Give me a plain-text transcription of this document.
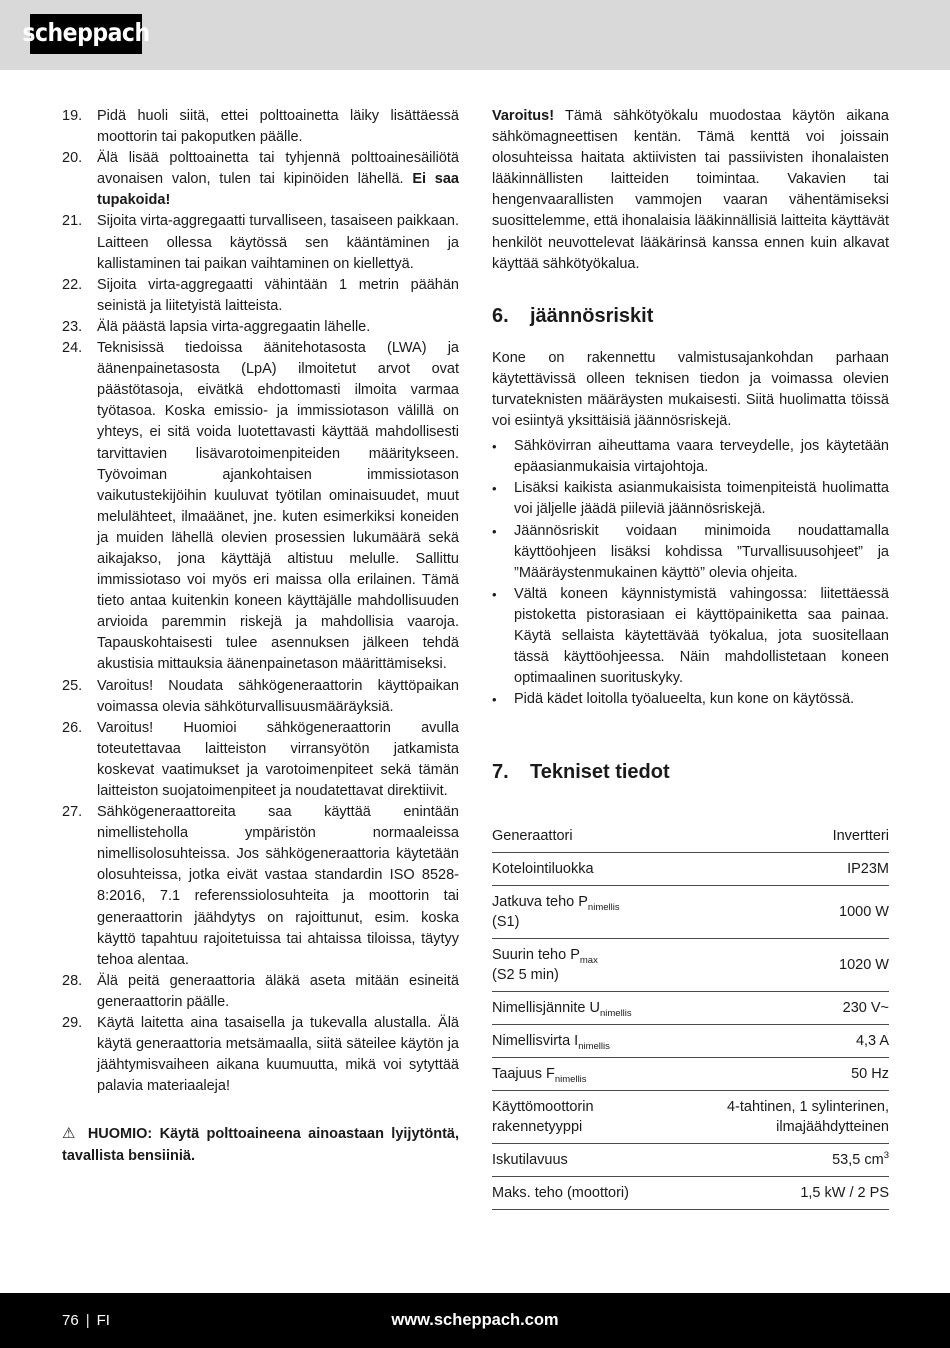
scheppach
19.	Pidä huoli siitä, ettei polttoainetta läiky lisättäessä moottorin tai pakoputken päälle.
20.	Älä lisää polttoainetta tai tyhjennä polttoainesäiliötä avonaisen valon, tulen tai kipinöiden lähellä. Ei saa tupakoida!
21.	Sijoita virta-aggregaatti turvalliseen, tasaiseen paikkaan. Laitteen ollessa käytössä sen kääntäminen ja kallistaminen tai paikan vaihtaminen on kiellettyä.
22.	Sijoita virta-aggregaatti vähintään 1 metrin päähän seinistä ja liitetyistä laitteista.
23.	Älä päästä lapsia virta-aggregaatin lähelle.
24.	Teknisissä tiedoissa äänitehotasosta (LWA) ja äänenpainetasosta (LpA) ilmoitetut arvot ovat päästötasoja, eivätkä ehdottomasti ilmoita varmaa työtasoa. Koska emissio- ja immissiotason välillä on yhteys, ei sitä voida luotettavasti käyttää mahdollisesti tarvittavien lisävarotoimenpiteiden määritykseen. Työvoiman ajankohtaisen immissiotason vaikutustekijöihin kuuluvat työtilan ominaisuudet, muut melulähteet, ilmaäänet, jne. kuten esimerkiksi koneiden ja muiden lähellä olevien prosessien lukumäärä sekä aikajakso, jona käyttäjä altistuu melulle. Sallittu immissiotaso voi myös eri maissa olla erilainen. Tämä tieto antaa kuitenkin koneen käyttäjälle mahdollisuuden arvioida paremmin riskejä ja mahdollisia vaaroja. Tapauskohtaisesti tulee asennuksen jälkeen tehdä akustisia mittauksia äänenpainetason määrittämiseksi.
25.	Varoitus! Noudata sähkögeneraattorin käyttöpaikan voimassa olevia sähköturvallisuusmääräyksiä.
26.	Varoitus! Huomioi sähkögeneraattorin avulla toteutettavaa laitteiston virransyötön jatkamista koskevat vaatimukset ja varotoimenpiteet sekä tämän laitteiston suojatoimenpiteet ja noudatettavat direktiivit.
27.	Sähkögeneraattoreita saa käyttää enintään nimellisteholla ympäristön normaaleissa nimellisolosuhteissa. Jos sähkögeneraattoria käytetään olosuhteissa, jotka eivät vastaa standardin ISO 8528-8:2016, 7.1 referenssiolosuhteita ja moottorin tai generaattorin jäähdytys on rajoittunut, esim. koska käyttö tapahtuu rajoitetuissa tai ahtaissa tiloissa, täytyy tehoa alentaa.
28.	Älä peitä generaattoria äläkä aseta mitään esineitä generaattorin päälle.
29.	Käytä laitetta aina tasaisella ja tukevalla alustalla. Älä käytä generaattoria metsämaalla, siitä säteilee käytön ja jäähtymisvaiheen aikana kuumuutta, mikä voi sytyttää palavia materiaaleja!

⚠ HUOMIO: Käytä polttoaineena ainoastaan lyijytöntä, tavallista bensiiniä.

Varoitus! Tämä sähkötyökalu muodostaa käytön aikana sähkömagneettisen kentän. Tämä kenttä voi joissain olosuhteissa haitata aktiivisten tai passiivisten ihonalaisten lääkinnällisten laitteiden toimintaa. Vakavien tai hengenvaarallisten vammojen vaaran vähentämiseksi suosittelemme, että ihonalaisia lääkinnällisiä laitteita käyttävät henkilöt neuvottelevat lääkärinsä kanssa ennen kuin alkavat käyttää sähkötyökalua.

6.	jäännösriskit

Kone on rakennettu valmistusajankohdan parhaan käytettävissä olleen teknisen tiedon ja voimassa olevien turvateknisten määräysten mukaisesti. Siitä huolimatta töissä voi esiintyä yksittäisiä jäännösriskejä.

•	Sähkövirran aiheuttama vaara terveydelle, jos käytetään epäasianmukaisia virtajohtoja.
•	Lisäksi kaikista asianmukaisista toimenpiteistä huolimatta voi jäljelle jäädä piileviä jäännösriskejä.
•	Jäännösriskit voidaan minimoida noudattamalla käyttöohjeen lisäksi kohdissa ”Turvallisuusohjeet” ja ”Määräystenmukainen käyttö” olevia ohjeita.
•	Vältä koneen käynnistymistä vahingossa: liitettäessä pistoketta pistorasiaan ei käyttöpainiketta saa painaa. Käytä sellaista käytettävää työkalua, jota suositellaan tässä käyttöohjeessa. Näin mahdollistetaan koneen optimaalinen suorituskyky.
•	Pidä kädet loitolla työalueelta, kun kone on käytössä.
7.	Tekniset tiedot
Generaattori	Invertteri
Kotelointiluokka	IP23M
Jatkuva teho $P_{nimellis}$
(S1)	1000 W
Suurin teho $P_{max}$
(S2 5 min)	1020 W
Nimellisjännite $U_{nimellis}$	230 V~
Nimellisvirta $I_{nimellis}$	4,3 A
Taajuus $F_{nimellis}$	50 Hz
Käyttömoottorin rakennetyyppi	4-tahtinen, 1 sylinterinen, ilmajäähdytteinen
Iskutilavuus	53,5 $cm^3$
Maks. teho (moottori)	1,5 kW / 2 PS
76 | FI	www.scheppach.com
